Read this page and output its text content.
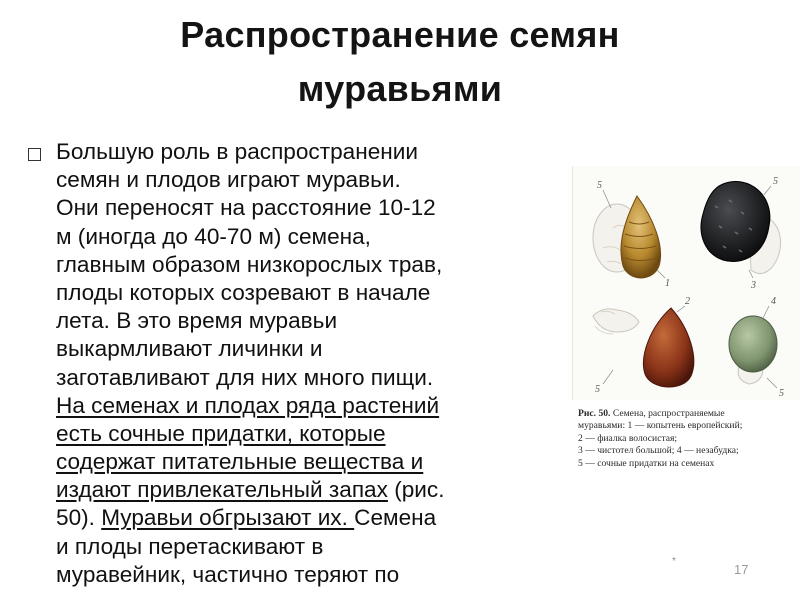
Распространение семян
муравьями
Большую роль в распространении
семян и плодов играют муравьи.
Они переносят на расстояние 10-12
м (иногда до 40-70 м) семена,
главным образом низкорослых трав,
плоды которых созревают в начале
лета. В это время муравьи
выкармливают личинки и
заготавливают для них много пищи.
На семенах и плодах ряда растений
есть сочные придатки, которые
содержат питательные вещества и
издают привлекательный запах (рис.
50). Муравьи обгрызают их. Семена
и плоды перетаскивают в
муравейник, частично теряют по
5
1
5
3
2
5
4
5
Рис. 50. Семена, распространяемые
муравьями: 1 — копытень европейский;
2 — фиалка волосистая;
3 — чистотел большой; 4 — незабудка;
5 — сочные придатки на семенах
*
17
